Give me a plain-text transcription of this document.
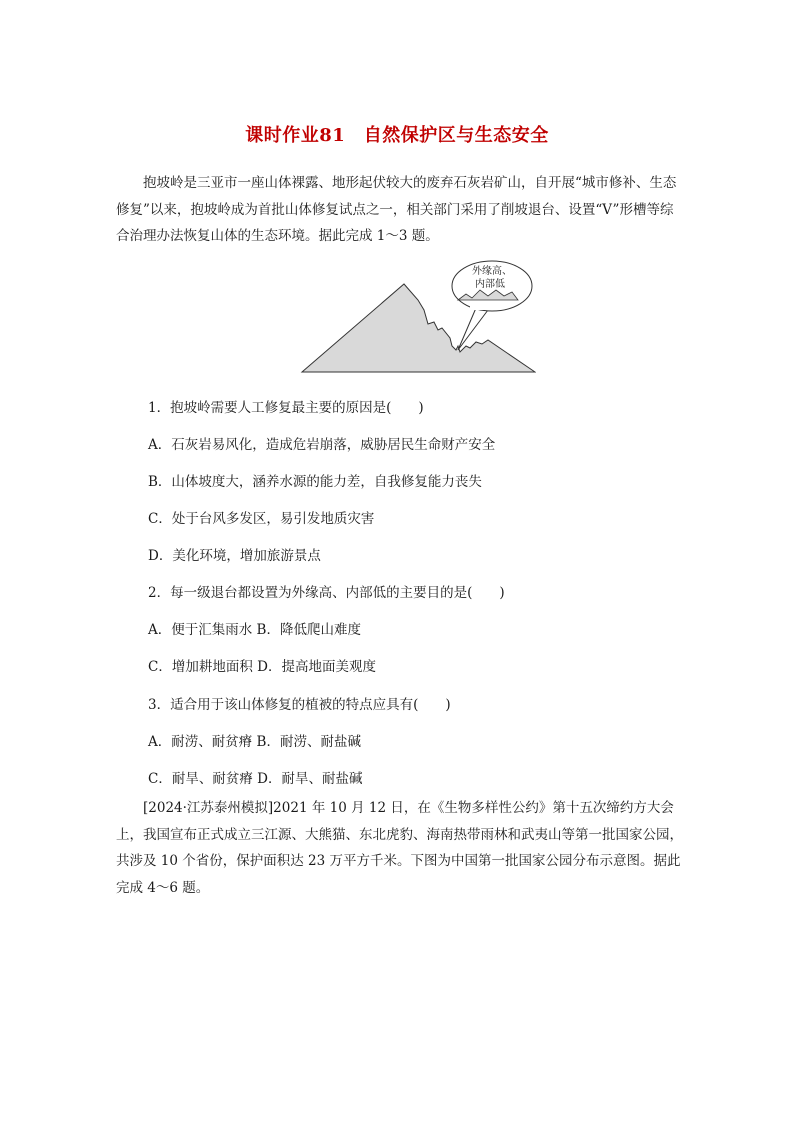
课时作业81　自然保护区与生态安全

抱坡岭是三亚市一座山体裸露、地形起伏较大的废弃石灰岩矿山，自开展“城市修补、生态修复”以来，抱坡岭成为首批山体修复试点之一，相关部门采用了削坡退台、设置“V”形槽等综合治理办法恢复山体的生态环境。据此完成 1～3 题。

外缘高、
内部低
1．抱坡岭需要人工修复最主要的原因是(　　)
A．石灰岩易风化，造成危岩崩落，威胁居民生命财产安全
B．山体坡度大，涵养水源的能力差，自我修复能力丧失
C．处于台风多发区，易引发地质灾害
D．美化环境，增加旅游景点
2．每一级退台都设置为外缘高、内部低的主要目的是(　　)
A．便于汇集雨水 B．降低爬山难度
C．增加耕地面积 D．提高地面美观度
3．适合用于该山体修复的植被的特点应具有(　　)
A．耐涝、耐贫瘠 B．耐涝、耐盐碱
C．耐旱、耐贫瘠 D．耐旱、耐盐碱

[2024·江苏泰州模拟]2021 年 10 月 12 日，在《生物多样性公约》第十五次缔约方大会上，我国宣布正式成立三江源、大熊猫、东北虎豹、海南热带雨林和武夷山等第一批国家公园，共涉及 10 个省份，保护面积达 23 万平方千米。下图为中国第一批国家公园分布示意图。据此完成 4～6 题。
